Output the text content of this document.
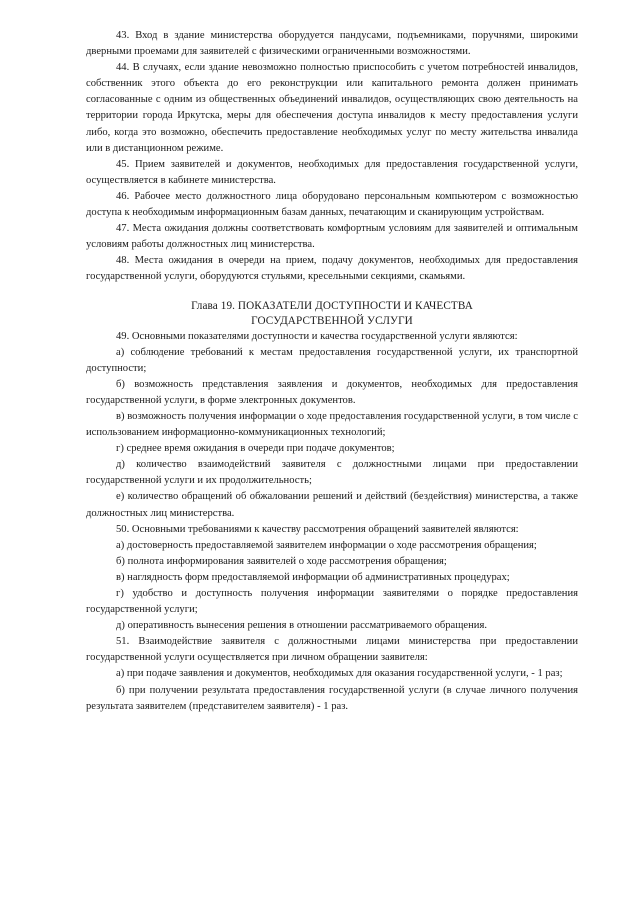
43. Вход в здание министерства оборудуется пандусами, подъемниками, поручнями, широкими дверными проемами для заявителей с физическими ограниченными возможностями.

44. В случаях, если здание невозможно полностью приспособить с учетом потребностей инвалидов, собственник этого объекта до его реконструкции или капитального ремонта должен принимать согласованные с одним из общественных объединений инвалидов, осуществляющих свою деятельность на территории города Иркутска, меры для обеспечения доступа инвалидов к месту предоставления услуги либо, когда это возможно, обеспечить предоставление необходимых услуг по месту жительства инвалида или в дистанционном режиме.

45. Прием заявителей и документов, необходимых для предоставления государственной услуги, осуществляется в кабинете министерства.

46. Рабочее место должностного лица оборудовано персональным компьютером с возможностью доступа к необходимым информационным базам данных, печатающим и сканирующим устройствам.

47. Места ожидания должны соответствовать комфортным условиям для заявителей и оптимальным условиям работы должностных лиц министерства.

48. Места ожидания в очереди на прием, подачу документов, необходимых для предоставления государственной услуги, оборудуются стульями, кресельными секциями, скамьями.

Глава 19. ПОКАЗАТЕЛИ ДОСТУПНОСТИ И КАЧЕСТВА
ГОСУДАРСТВЕННОЙ УСЛУГИ

49. Основными показателями доступности и качества государственной услуги являются:

а) соблюдение требований к местам предоставления государственной услуги, их транспортной доступности;

б) возможность представления заявления и документов, необходимых для предоставления государственной услуги, в форме электронных документов.

в) возможность получения информации о ходе предоставления государственной услуги, в том числе с использованием информационно-коммуникационных технологий;

г) среднее время ожидания в очереди при подаче документов;

д) количество взаимодействий заявителя с должностными лицами при предоставлении государственной услуги и их продолжительность;

е) количество обращений об обжаловании решений и действий (бездействия) министерства, а также должностных лиц министерства.

50. Основными требованиями к качеству рассмотрения обращений заявителей являются:

а) достоверность предоставляемой заявителем информации о ходе рассмотрения обращения;

б) полнота информирования заявителей о ходе рассмотрения обращения;

в) наглядность форм предоставляемой информации об административных процедурах;

г) удобство и доступность получения информации заявителями о порядке предоставления государственной услуги;

д) оперативность вынесения решения в отношении рассматриваемого обращения.

51. Взаимодействие заявителя с должностными лицами министерства при предоставлении государственной услуги осуществляется при личном обращении заявителя:

а) при подаче заявления и документов, необходимых для оказания государственной услуги, - 1 раз;

б) при получении результата предоставления государственной услуги (в случае личного получения результата заявителем (представителем заявителя) - 1 раз.
